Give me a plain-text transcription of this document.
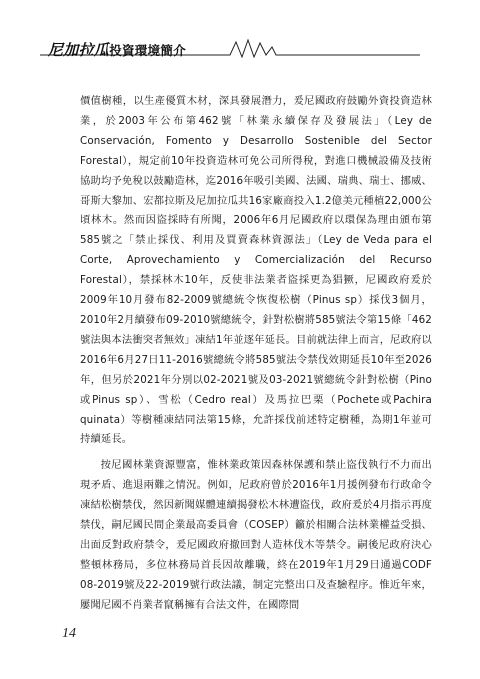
尼加拉瓜投資環境簡介

價值樹種，以生產優質木材，深具發展潛力，爰尼國政府鼓勵外資投資造林業，於2003年公布第462號「林業永續保存及發展法」（Ley de Conservación, Fomento y Desarrollo Sostenible del Sector Forestal），規定前10年投資造林可免公司所得稅，對進口機械設備及技術協助均予免稅以鼓勵造林，迄2016年吸引美國、法國、瑞典、瑞士、挪威、哥斯大黎加、宏都拉斯及尼加拉瓜共16家廠商投入1.2億美元種植22,000公頃林木。然而因盜採時有所聞，2006年6月尼國政府以環保為理由頒布第585號之「禁止採伐、利用及買賣森林資源法」（Ley de Veda para el Corte, Aprovechamiento y Comercialización del Recurso Forestal），禁採林木10年，反使非法業者盜採更為猖獗，尼國政府爰於2009年10月發布82-2009號總統令恢復松樹（Pinus sp）採伐3個月，2010年2月續發布09-2010號總統令，針對松樹將585號法令第15條「462號法與本法衝突者無效」凍結1年並逐年延長。目前就法律上而言，尼政府以2016年6月27日11-2016號總統令將585號法令禁伐效期延長10年至2026年，但另於2021年分別以02-2021號及03-2021號總統令針對松樹（Pino或Pinus sp）、雪松（Cedro real）及馬拉巴栗（Pochete或Pachira quinata）等樹種凍結同法第15條，允許採伐前述特定樹種，為期1年並可持續延長。

按尼國林業資源豐富，惟林業政策因森林保護和禁止盜伐執行不力而出現矛盾、進退兩難之情況。例如，尼政府曾於2016年1月援例發布行政命令凍結松樹禁伐，然因新聞媒體連續揭發松木林遭盜伐，政府爰於4月指示再度禁伐，嗣尼國民間企業最高委員會（COSEP）籲於相關合法林業權益受損、出面反對政府禁令，爰尼國政府撤回對人造林伐木等禁令。嗣後尼政府決心整頓林務局，多位林務局首長因故離職，終在2019年1月29日通過CODF 08-2019號及22-2019號行政法議，制定完整出口及查驗程序。惟近年來，屢聞尼國不肖業者竄稱擁有合法文件，在國際間

14
